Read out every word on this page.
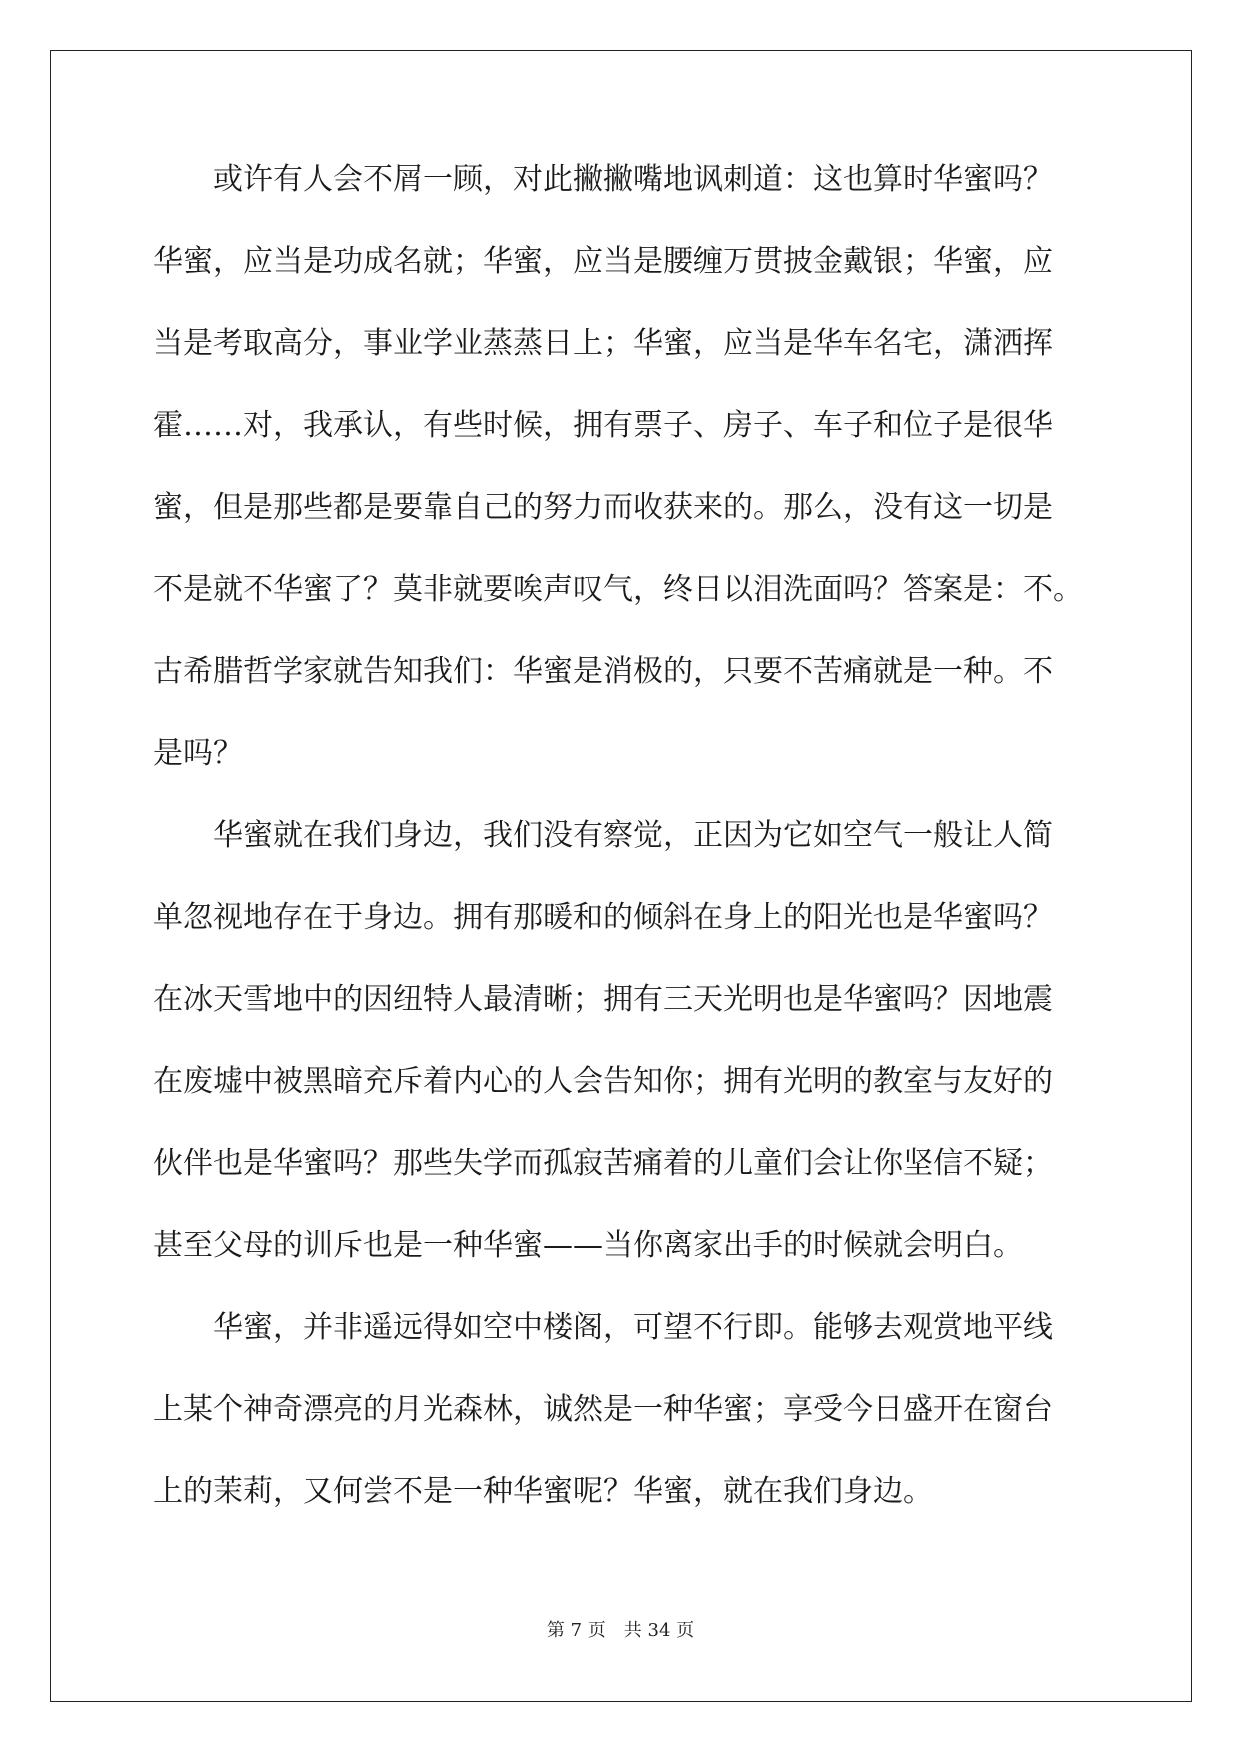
　　或许有人会不屑一顾，对此撇撇嘴地讽刺道：这也算时华蜜吗？
华蜜，应当是功成名就；华蜜，应当是腰缠万贯披金戴银；华蜜，应
当是考取高分，事业学业蒸蒸日上；华蜜，应当是华车名宅，潇洒挥
霍……对，我承认，有些时候，拥有票子、房子、车子和位子是很华
蜜，但是那些都是要靠自己的努力而收获来的。那么，没有这一切是
不是就不华蜜了？莫非就要唉声叹气，终日以泪洗面吗？答案是：不。
古希腊哲学家就告知我们：华蜜是消极的，只要不苦痛就是一种。不
是吗？
　　华蜜就在我们身边，我们没有察觉，正因为它如空气一般让人简
单忽视地存在于身边。拥有那暖和的倾斜在身上的阳光也是华蜜吗？
在冰天雪地中的因纽特人最清晰；拥有三天光明也是华蜜吗？因地震
在废墟中被黑暗充斥着内心的人会告知你；拥有光明的教室与友好的
伙伴也是华蜜吗？那些失学而孤寂苦痛着的儿童们会让你坚信不疑；
甚至父母的训斥也是一种华蜜——当你离家出手的时候就会明白。
　　华蜜，并非遥远得如空中楼阁，可望不行即。能够去观赏地平线
上某个神奇漂亮的月光森林，诚然是一种华蜜；享受今日盛开在窗台
上的茉莉，又何尝不是一种华蜜呢？华蜜，就在我们身边。
第 7 页　共 34 页
